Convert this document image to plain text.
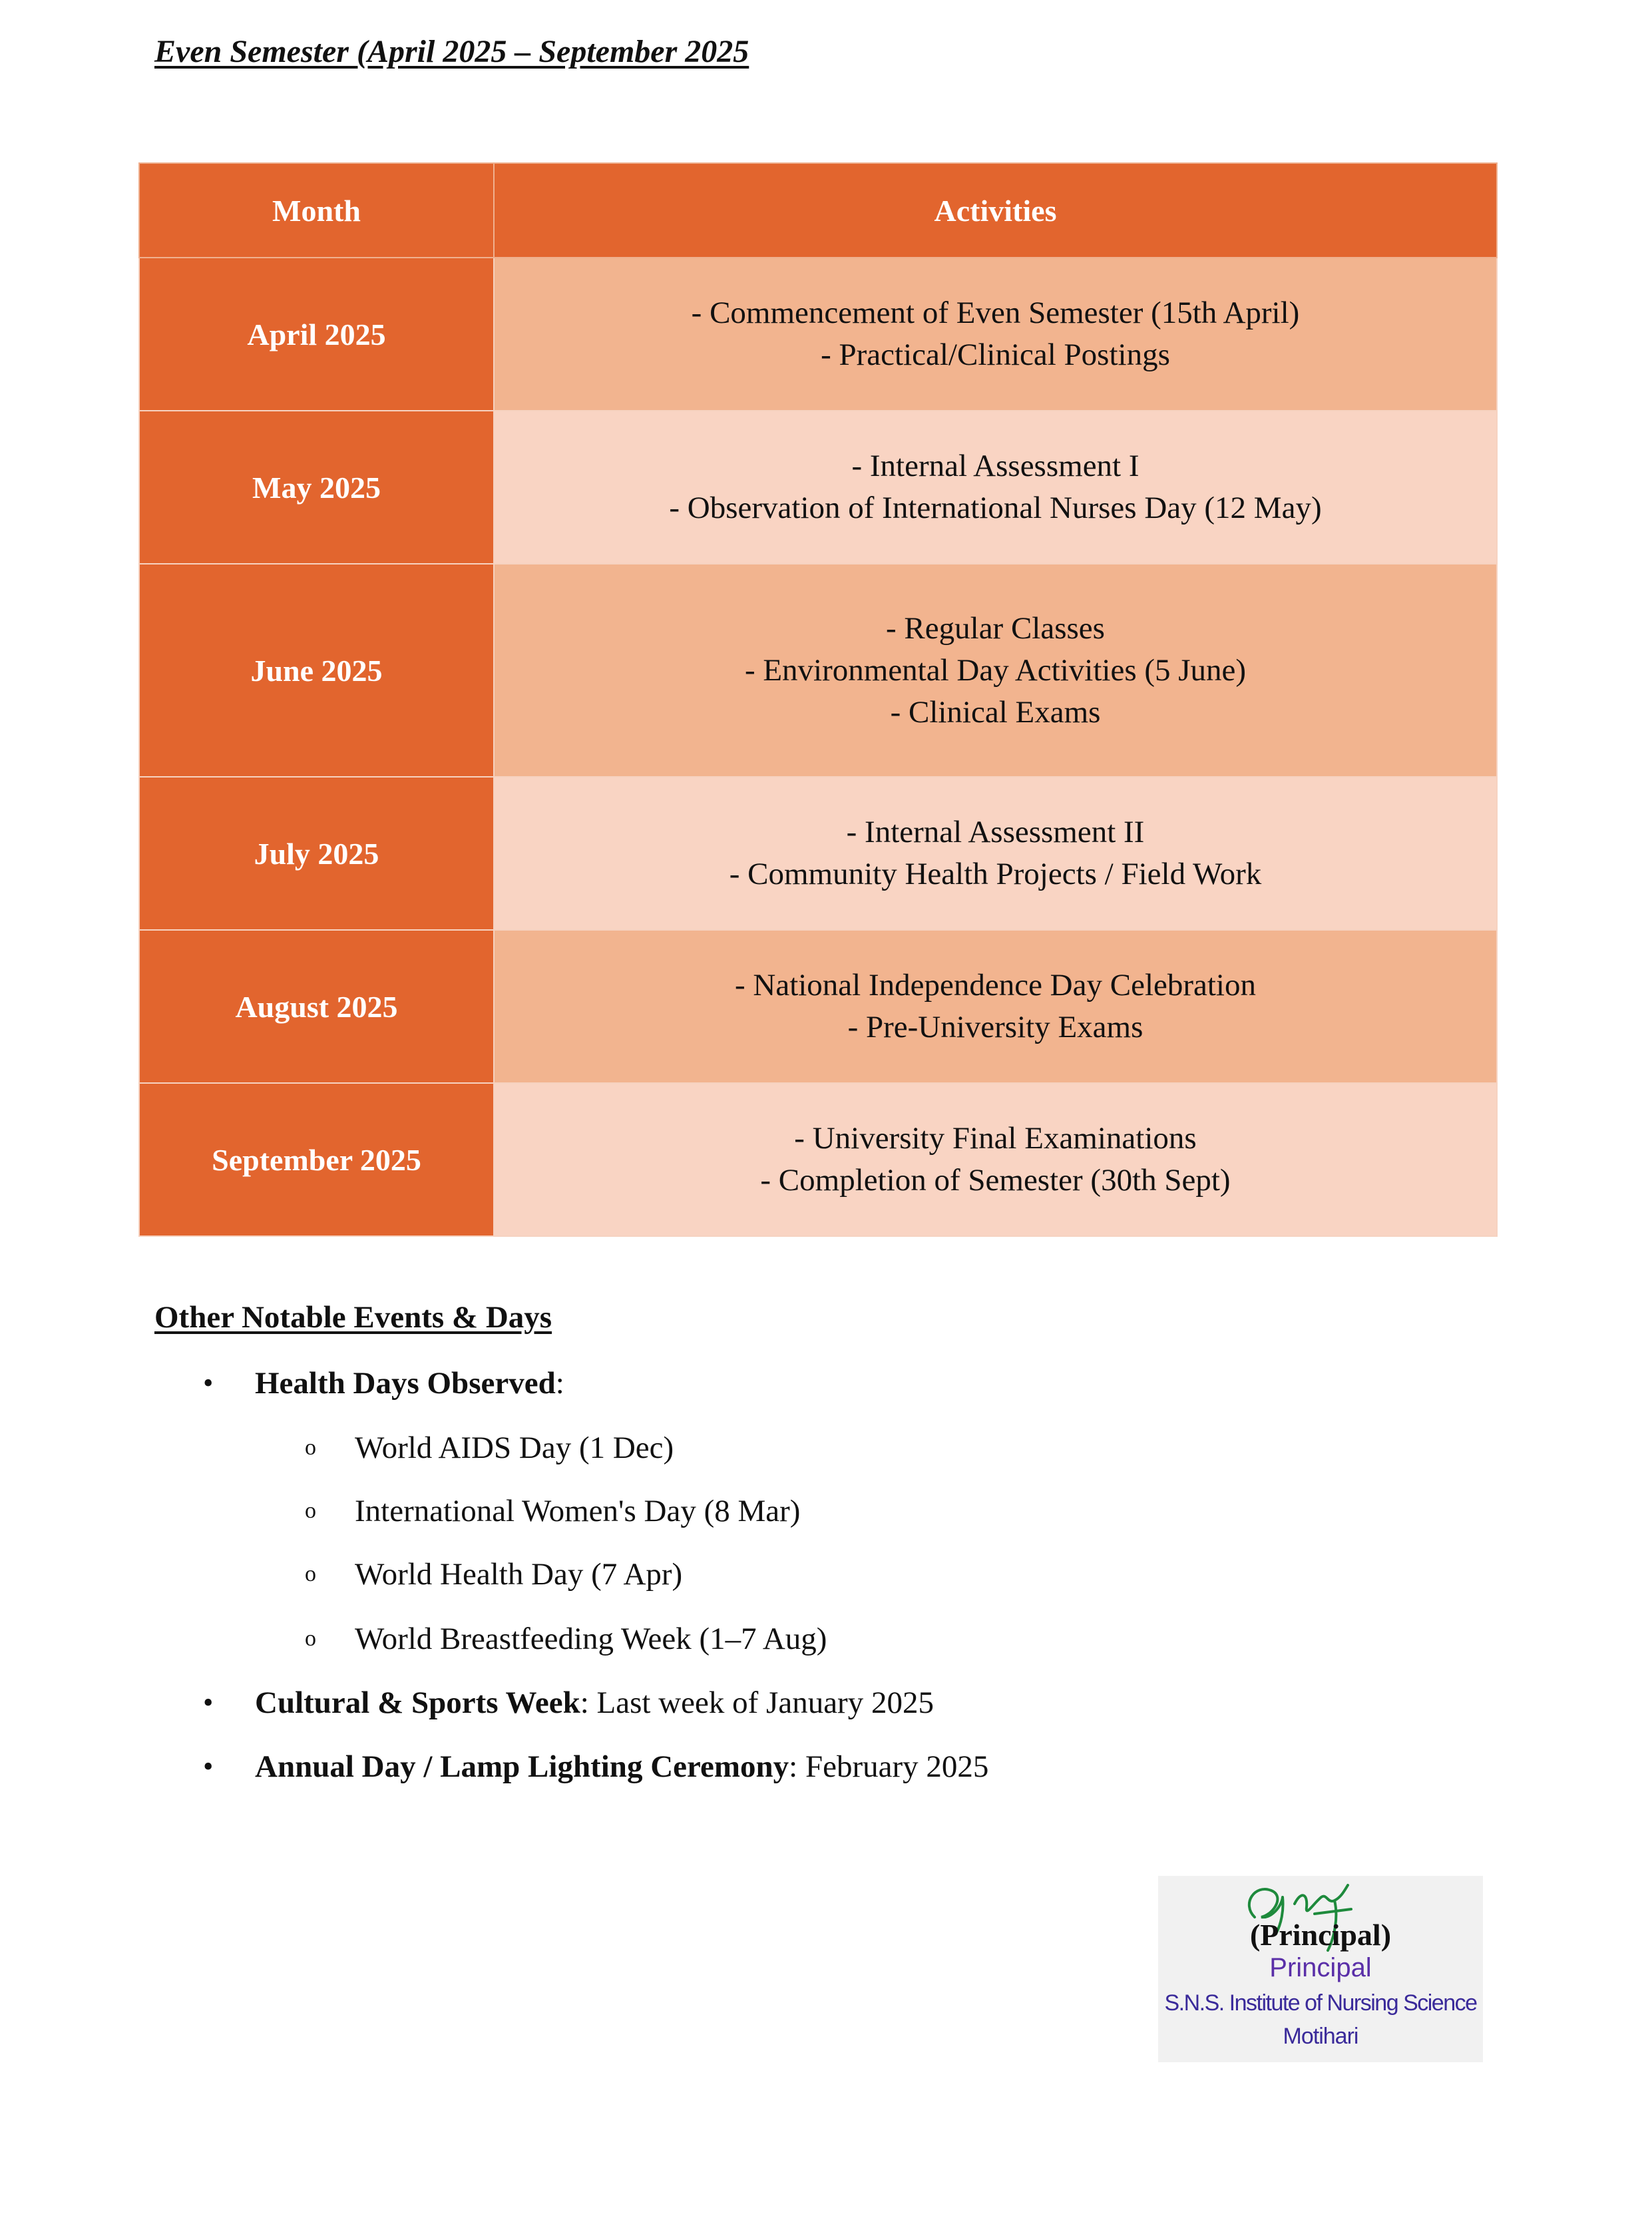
Even Semester (April 2025 – September 2025
Month	Activities
April 2025	- Commencement of Even Semester (15th April)
- Practical/Clinical Postings

May 2025	- Internal Assessment I
- Observation of International Nurses Day (12 May)

June 2025	- Regular Classes
- Environmental Day Activities (5 June)
- Clinical Exams

July 2025	- Internal Assessment II
- Community Health Projects / Field Work

August 2025	- National Independence Day Celebration
- Pre-University Exams

September 2025	- University Final Examinations
- Completion of Semester (30th Sept)
Other Notable Events & Days
• Health Days Observed:
o World AIDS Day (1 Dec)
o International Women's Day (8 Mar)
o World Health Day (7 Apr)
o World Breastfeeding Week (1–7 Aug)
• Cultural & Sports Week: Last week of January 2025
• Annual Day / Lamp Lighting Ceremony: February 2025
(Principal)
Principal
S.N.S. Institute of Nursing Science
Motihari
